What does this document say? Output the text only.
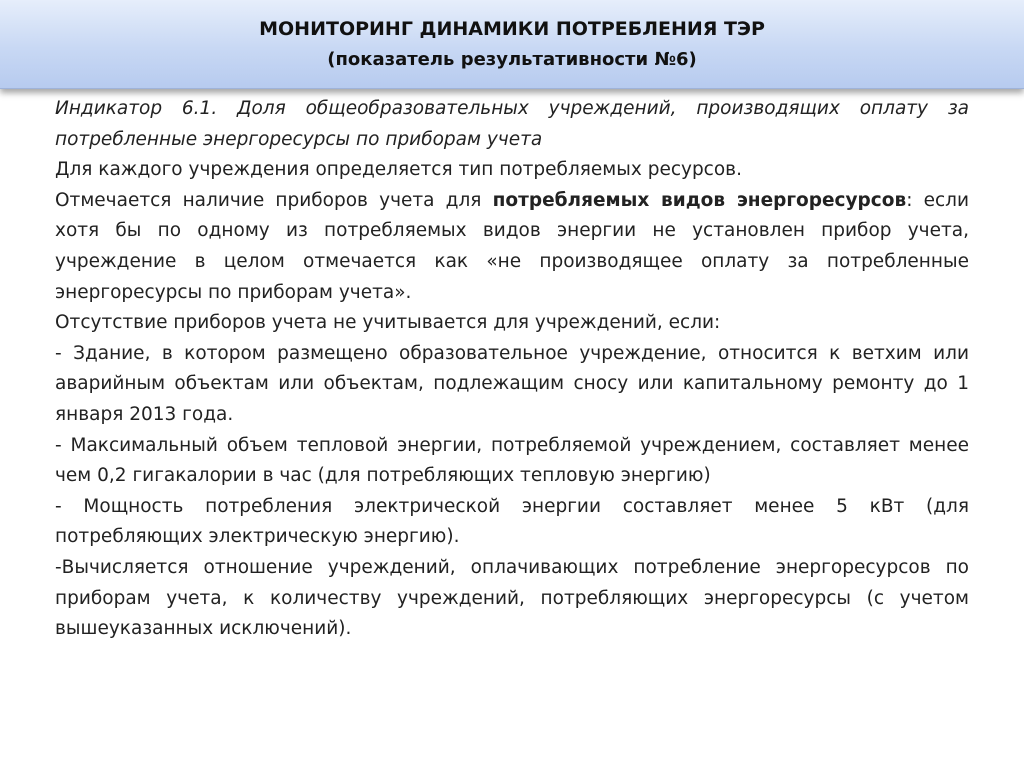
МОНИТОРИНГ ДИНАМИКИ ПОТРЕБЛЕНИЯ ТЭР
(показатель результативности №6)

Индикатор 6.1. Доля общеобразовательных учреждений, производящих оплату за потребленные энергоресурсы по приборам учета

Для каждого учреждения определяется тип потребляемых ресурсов.

Отмечается наличие приборов учета для потребляемых видов энергоресурсов: если хотя бы по одному из потребляемых видов энергии не установлен прибор учета, учреждение в целом отмечается как «не производящее оплату за потребленные энергоресурсы по приборам учета».

Отсутствие приборов учета не учитывается для учреждений, если:

- Здание, в котором размещено образовательное учреждение, относится к ветхим или аварийным объектам или объектам, подлежащим сносу или капитальному ремонту до 1 января 2013 года.

- Максимальный объем тепловой энергии, потребляемой учреждением, составляет менее чем 0,2 гигакалории в час (для потребляющих тепловую энергию)

- Мощность потребления электрической энергии составляет менее 5 кВт (для потребляющих электрическую энергию).

-Вычисляется отношение учреждений, оплачивающих потребление энергоресурсов по приборам учета, к количеству учреждений, потребляющих энергоресурсы (с учетом вышеуказанных исключений).
